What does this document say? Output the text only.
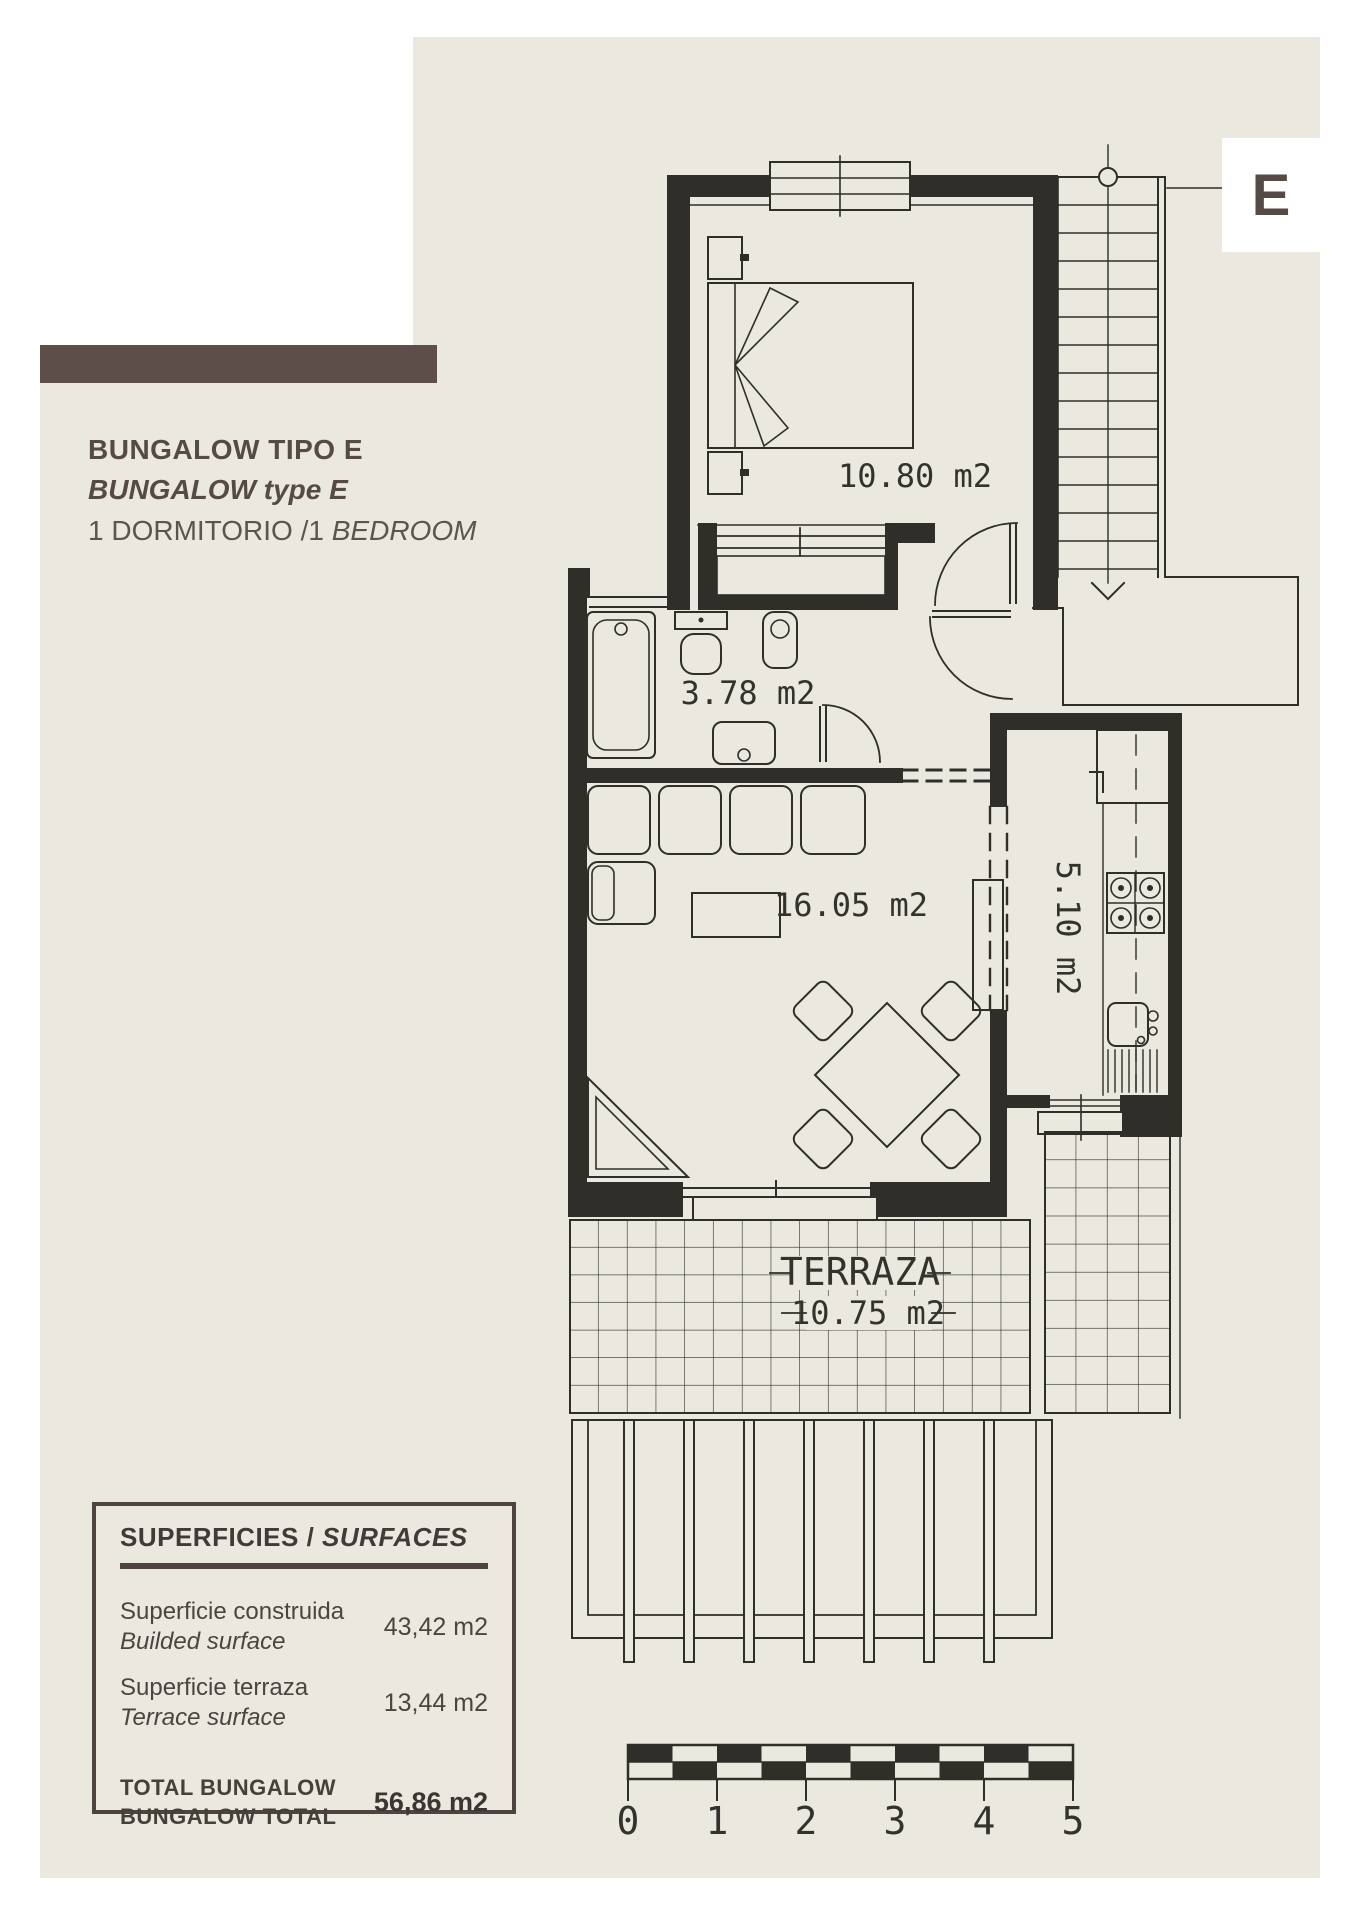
10.80 m2
3.78 m2
16.05 m2	5.10 m2
TERRAZA
10.75 m2
0 1 2 3 4 5
BUNGALOW TIPO E
BUNGALOW type E
1 DORMITORIO /1 BEDROOM
E
SUPERFICIES / SURFACES
Superficie construida
Builded surface
43,42 m2
Superficie terraza
Terrace surface
13,44 m2
TOTAL BUNGALOW
BUNGALOW TOTAL 56,86 m2
